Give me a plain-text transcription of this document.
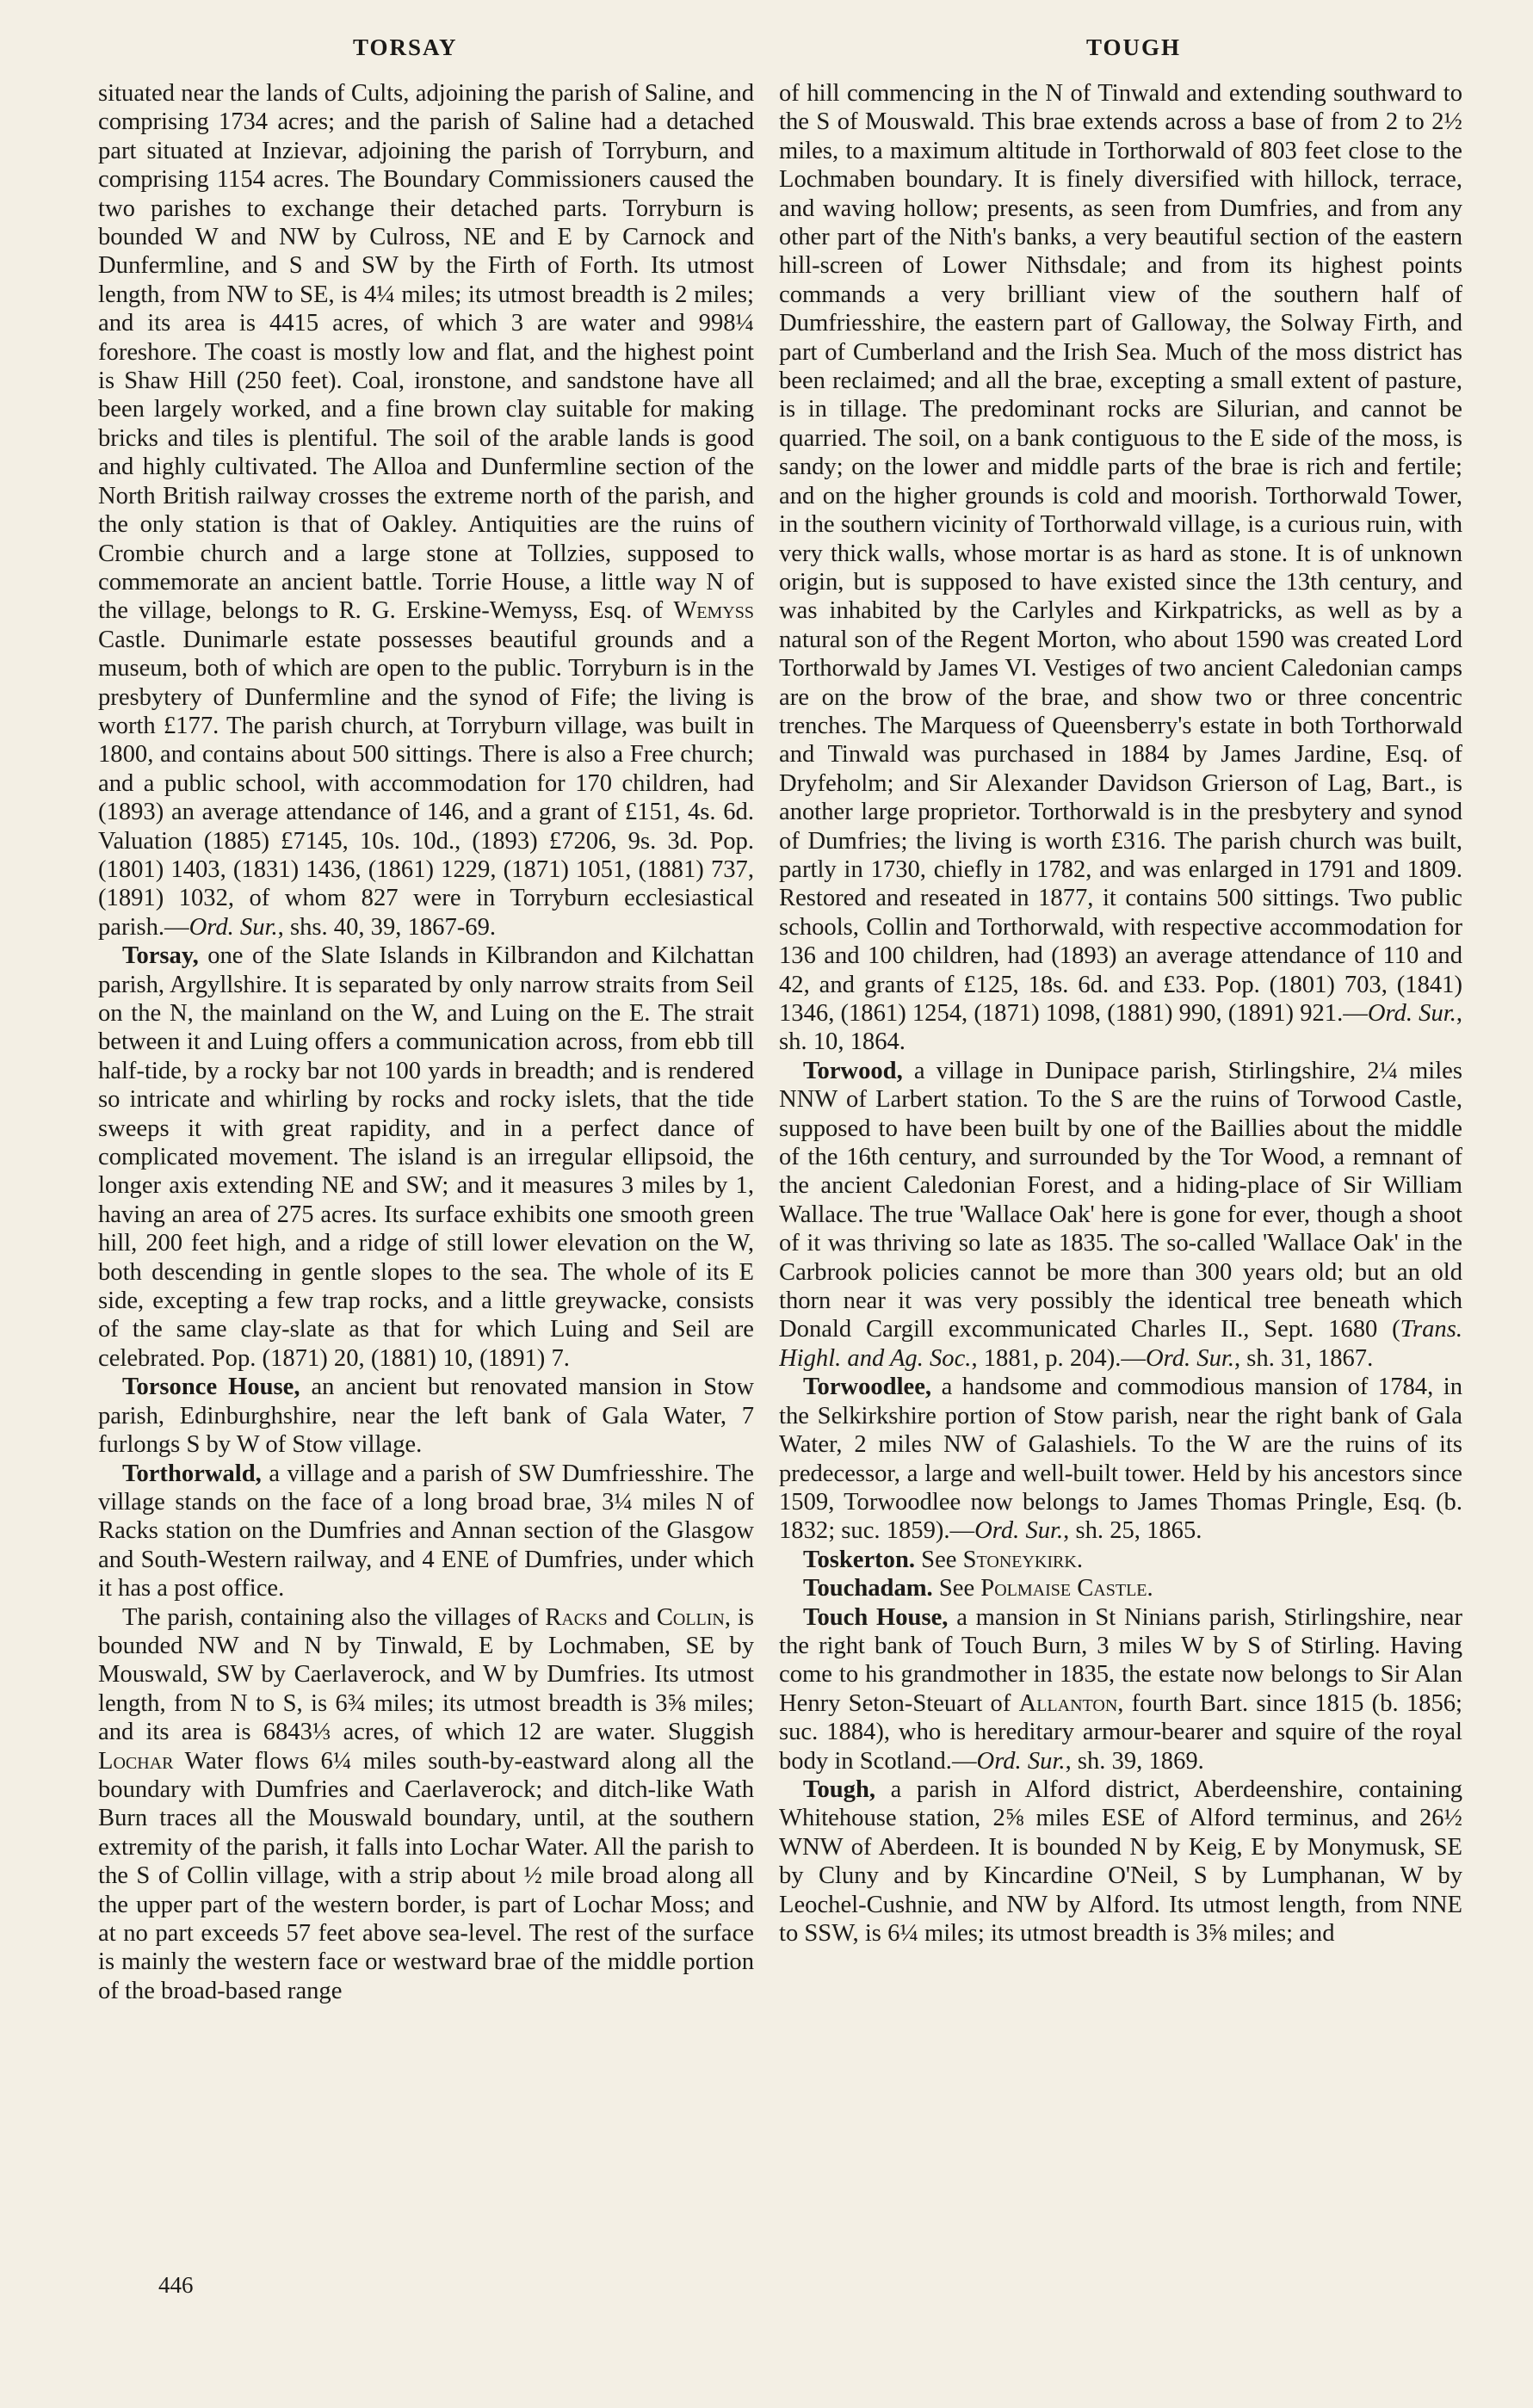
TORSAY	TOUGH

situated near the lands of Cults, adjoining the parish of Saline, and comprising 1734 acres; and the parish of Saline had a detached part situated at Inzievar, adjoining the parish of Torryburn, and comprising 1154 acres. The Boundary Commissioners caused the two parishes to exchange their detached parts. Torryburn is bounded W and NW by Culross, NE and E by Carnock and Dunfermline, and S and SW by the Firth of Forth. Its utmost length, from NW to SE, is 4¼ miles; its utmost breadth is 2 miles; and its area is 4415 acres, of which 3 are water and 998¼ foreshore. The coast is mostly low and flat, and the highest point is Shaw Hill (250 feet). Coal, ironstone, and sandstone have all been largely worked, and a fine brown clay suitable for making bricks and tiles is plentiful. The soil of the arable lands is good and highly cultivated. The Alloa and Dunfermline section of the North British railway crosses the extreme north of the parish, and the only station is that of Oakley. Antiquities are the ruins of Crombie church and a large stone at Tollzies, supposed to commemorate an ancient battle. Torrie House, a little way N of the village, belongs to R. G. Erskine-Wemyss, Esq. of Wemyss Castle. Dunimarle estate possesses beautiful grounds and a museum, both of which are open to the public. Torryburn is in the presbytery of Dunfermline and the synod of Fife; the living is worth £177. The parish church, at Torryburn village, was built in 1800, and contains about 500 sittings. There is also a Free church; and a public school, with accommodation for 170 children, had (1893) an average attendance of 146, and a grant of £151, 4s. 6d. Valuation (1885) £7145, 10s. 10d., (1893) £7206, 9s. 3d. Pop. (1801) 1403, (1831) 1436, (1861) 1229, (1871) 1051, (1881) 737, (1891) 1032, of whom 827 were in Torryburn ecclesiastical parish.—Ord. Sur., shs. 40, 39, 1867-69.

Torsay, one of the Slate Islands in Kilbrandon and Kilchattan parish, Argyllshire. It is separated by only narrow straits from Seil on the N, the mainland on the W, and Luing on the E. The strait between it and Luing offers a communication across, from ebb till half-tide, by a rocky bar not 100 yards in breadth; and is rendered so intricate and whirling by rocks and rocky islets, that the tide sweeps it with great rapidity, and in a perfect dance of complicated movement. The island is an irregular ellipsoid, the longer axis extending NE and SW; and it measures 3 miles by 1, having an area of 275 acres. Its surface exhibits one smooth green hill, 200 feet high, and a ridge of still lower elevation on the W, both descending in gentle slopes to the sea. The whole of its E side, excepting a few trap rocks, and a little greywacke, consists of the same clay-slate as that for which Luing and Seil are celebrated. Pop. (1871) 20, (1881) 10, (1891) 7.

Torsonce House, an ancient but renovated mansion in Stow parish, Edinburghshire, near the left bank of Gala Water, 7 furlongs S by W of Stow village.

Torthorwald, a village and a parish of SW Dumfriesshire. The village stands on the face of a long broad brae, 3¼ miles N of Racks station on the Dumfries and Annan section of the Glasgow and South-Western railway, and 4 ENE of Dumfries, under which it has a post office.

The parish, containing also the villages of Racks and Collin, is bounded NW and N by Tinwald, E by Lochmaben, SE by Mouswald, SW by Caerlaverock, and W by Dumfries. Its utmost length, from N to S, is 6¾ miles; its utmost breadth is 3⅝ miles; and its area is 6843⅓ acres, of which 12 are water. Sluggish Lochar Water flows 6¼ miles south-by-eastward along all the boundary with Dumfries and Caerlaverock; and ditch-like Wath Burn traces all the Mouswald boundary, until, at the southern extremity of the parish, it falls into Lochar Water. All the parish to the S of Collin village, with a strip about ½ mile broad along all the upper part of the western border, is part of Lochar Moss; and at no part exceeds 57 feet above sea-level. The rest of the surface is mainly the western face or westward brae of the middle portion of the broad-based range

of hill commencing in the N of Tinwald and extending southward to the S of Mouswald. This brae extends across a base of from 2 to 2½ miles, to a maximum altitude in Torthorwald of 803 feet close to the Lochmaben boundary. It is finely diversified with hillock, terrace, and waving hollow; presents, as seen from Dumfries, and from any other part of the Nith's banks, a very beautiful section of the eastern hill-screen of Lower Nithsdale; and from its highest points commands a very brilliant view of the southern half of Dumfriesshire, the eastern part of Galloway, the Solway Firth, and part of Cumberland and the Irish Sea. Much of the moss district has been reclaimed; and all the brae, excepting a small extent of pasture, is in tillage. The predominant rocks are Silurian, and cannot be quarried. The soil, on a bank contiguous to the E side of the moss, is sandy; on the lower and middle parts of the brae is rich and fertile; and on the higher grounds is cold and moorish. Torthorwald Tower, in the southern vicinity of Torthorwald village, is a curious ruin, with very thick walls, whose mortar is as hard as stone. It is of unknown origin, but is supposed to have existed since the 13th century, and was inhabited by the Carlyles and Kirkpatricks, as well as by a natural son of the Regent Morton, who about 1590 was created Lord Torthorwald by James VI. Vestiges of two ancient Caledonian camps are on the brow of the brae, and show two or three concentric trenches. The Marquess of Queensberry's estate in both Torthorwald and Tinwald was purchased in 1884 by James Jardine, Esq. of Dryfeholm; and Sir Alexander Davidson Grierson of Lag, Bart., is another large proprietor. Torthorwald is in the presbytery and synod of Dumfries; the living is worth £316. The parish church was built, partly in 1730, chiefly in 1782, and was enlarged in 1791 and 1809. Restored and reseated in 1877, it contains 500 sittings. Two public schools, Collin and Torthorwald, with respective accommodation for 136 and 100 children, had (1893) an average attendance of 110 and 42, and grants of £125, 18s. 6d. and £33. Pop. (1801) 703, (1841) 1346, (1861) 1254, (1871) 1098, (1881) 990, (1891) 921.—Ord. Sur., sh. 10, 1864.

Torwood, a village in Dunipace parish, Stirlingshire, 2¼ miles NNW of Larbert station. To the S are the ruins of Torwood Castle, supposed to have been built by one of the Baillies about the middle of the 16th century, and surrounded by the Tor Wood, a remnant of the ancient Caledonian Forest, and a hiding-place of Sir William Wallace. The true 'Wallace Oak' here is gone for ever, though a shoot of it was thriving so late as 1835. The so-called 'Wallace Oak' in the Carbrook policies cannot be more than 300 years old; but an old thorn near it was very possibly the identical tree beneath which Donald Cargill excommunicated Charles II., Sept. 1680 (Trans. Highl. and Ag. Soc., 1881, p. 204).—Ord. Sur., sh. 31, 1867.

Torwoodlee, a handsome and commodious mansion of 1784, in the Selkirkshire portion of Stow parish, near the right bank of Gala Water, 2 miles NW of Galashiels. To the W are the ruins of its predecessor, a large and well-built tower. Held by his ancestors since 1509, Torwoodlee now belongs to James Thomas Pringle, Esq. (b. 1832; suc. 1859).—Ord. Sur., sh. 25, 1865.

Toskerton. See Stoneykirk.

Touchadam. See Polmaise Castle.

Touch House, a mansion in St Ninians parish, Stirlingshire, near the right bank of Touch Burn, 3 miles W by S of Stirling. Having come to his grandmother in 1835, the estate now belongs to Sir Alan Henry Seton-Steuart of Allanton, fourth Bart. since 1815 (b. 1856; suc. 1884), who is hereditary armour-bearer and squire of the royal body in Scotland.—Ord. Sur., sh. 39, 1869.

Tough, a parish in Alford district, Aberdeenshire, containing Whitehouse station, 2⅝ miles ESE of Alford terminus, and 26½ WNW of Aberdeen. It is bounded N by Keig, E by Monymusk, SE by Cluny and by Kincardine O'Neil, S by Lumphanan, W by Leochel-Cushnie, and NW by Alford. Its utmost length, from NNE to SSW, is 6¼ miles; its utmost breadth is 3⅝ miles; and

446
